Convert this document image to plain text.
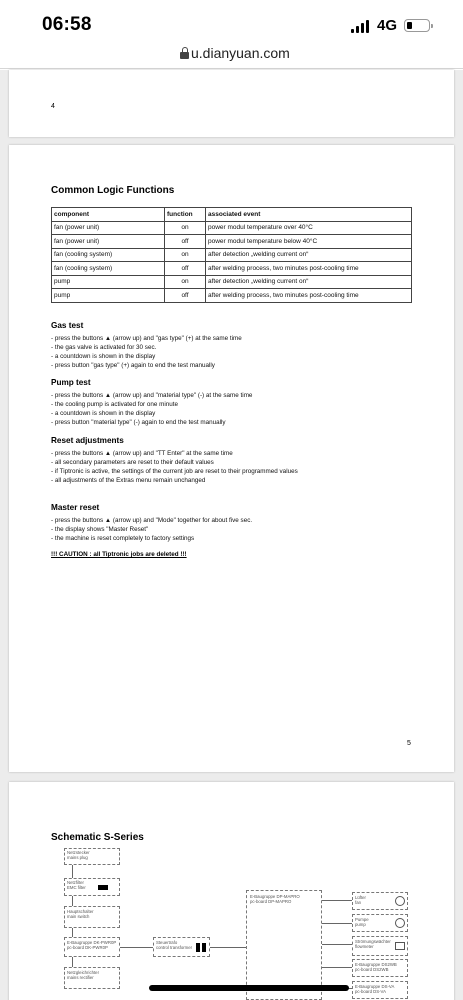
06:58	4G
u.dianyuan.com
4
Common Logic Functions
component	function	associated event
fan (power unit)	on	power modul temperature over 40°C
fan (power unit)	off	power modul temperature below 40°C
fan (cooling system)	on	after detection „welding current on“
fan (cooling system)	off	after welding process, two minutes post-cooling time
pump	on	after detection „welding current on“
pump	off	after welding process, two minutes post-cooling time
Gas test
- press the buttons ▲ (arrow up) and "gas type" (+) at the same time
- the gas valve is activated for 30 sec.
- a countdown is shown in the display
- press button "gas type" (+) again to end the test manually
Pump test
- press the buttons ▲ (arrow up) and "material type" (-) at the same time
- the cooling pump is activated for one minute
- a countdown is shown in the display
- press button "material type" (-) again to end the test manually
Reset adjustments
- press the buttons ▲ (arrow up) and "TT Enter" at the same time
- all secondary parameters are reset to their default values
- if Tiptronic is active, the settings of the current job are reset to their programmed values
- all adjustments of the Extras menu remain unchanged
Master reset
- press the buttons ▲ (arrow up) and "Mode" together for about five sec.
- the display shows "Master Reset"
- the machine is reset completely to factory settings
!!! CAUTION : all Tiptronic jobs are deleted !!!
5
Schematic S-Series
Netzstecker
mains plug
Netzfilter
EMC filter
Hauptschalter
main switch
E-Baugruppe DK-PWR0P
pc-board DK-PWR0P
Steuertrafo
control transformer
Netzgleichrichter
mains rectifier
E-Baugruppe DP-MAPRO
pc-board DP-MAPRO
Lüfter
fan
Pumpe
pump
Strömungswächter
flowmeter
E-Baugruppe DS2WB
pc-board DS2WB
E-Baugruppe DS-VA
pc-board DS-VA
